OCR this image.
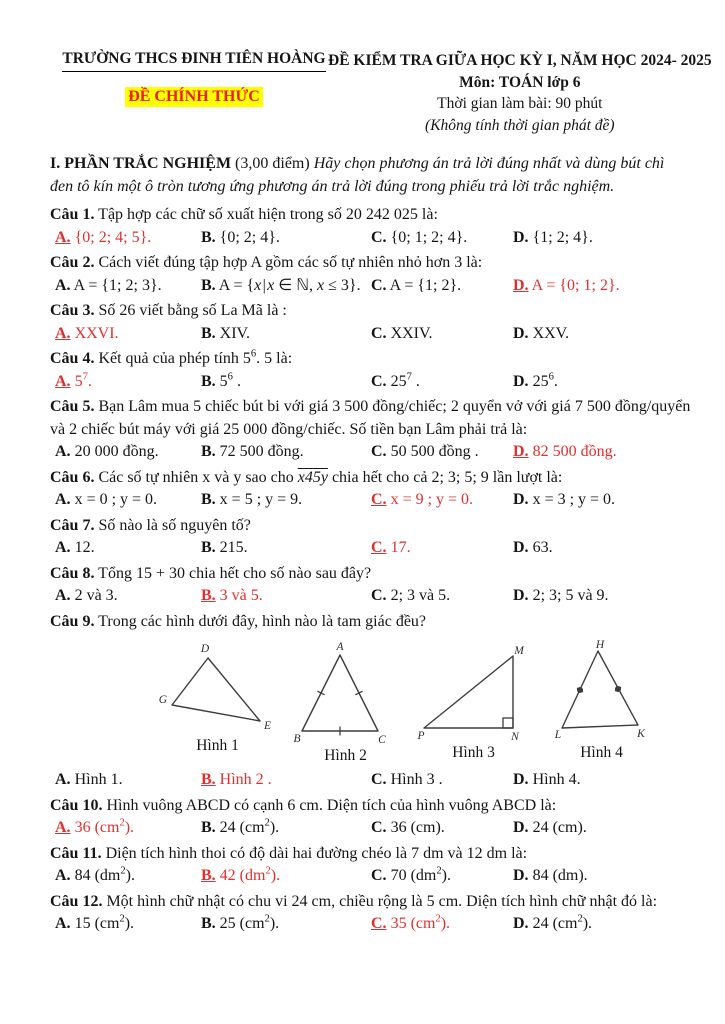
TRƯỜNG THCS ĐINH TIÊN HOÀNG
ĐỀ CHÍNH THỨC
ĐỀ KIỂM TRA GIỮA HỌC KỲ I, NĂM HỌC 2024- 2025
Môn: TOÁN lớp 6
Thời gian làm bài: 90 phút
(Không tính thời gian phát đề)

I. PHẦN TRẮC NGHIỆM (3,00 điểm) Hãy chọn phương án trả lời đúng nhất và dùng bút chì đen tô kín một ô tròn tương ứng phương án trả lời đúng trong phiếu trả lời trắc nghiệm.

Câu 1. Tập hợp các chữ số xuất hiện trong số 20 242 025 là:

A. {0; 2; 4; 5}.	B. {0; 2; 4}.	C. {0; 1; 2; 4}.	D. {1; 2; 4}.

Câu 2. Cách viết đúng tập hợp A gồm các số tự nhiên nhỏ hơn 3 là:

A. A = {1; 2; 3}.	B. A = {x | x ∈ ℕ, x ≤ 3}. C. A = {1; 2}.	D. A = {0; 1; 2}.

Câu 3. Số 26 viết bằng số La Mã là :

A. XXVI.	B. XIV.	C. XXIV.	D. XXV.

Câu 4. Kết quả của phép tính $5^6$. 5 là:

A. $5^7$.	B. $5^6$ .	C. $25^7$ .	D. $25^6$.

Câu 5. Bạn Lâm mua 5 chiếc bút bi với giá 3 500 đồng/chiếc; 2 quyển vở với giá 7 500 đồng/quyển và 2 chiếc bút máy với giá 25 000 đồng/chiếc. Số tiền bạn Lâm phải trả là:

A. 20 000 đồng.	B. 72 500 đồng.	C. 50 500 đồng .	D. 82 500 đồng.

Câu 6. Các số tự nhiên x và y sao cho x45y chia hết cho cả 2; 3; 5; 9 lần lượt là:

A. x = 0 ; y = 0.	B. x = 5 ; y = 9.	C. x = 9 ; y = 0.	D. x = 3 ; y = 0.

Câu 7. Số nào là số nguyên tố?

A. 12.	B. 215.	C. 17.	D. 63.

Câu 8. Tổng 15 + 30 chia hết cho số nào sau đây?

A. 2 và 3.	B. 3 và 5.	C. 2; 3 và 5.	D. 2; 3; 5 và 9.

Câu 9. Trong các hình dưới đây, hình nào là tam giác đều?

D
G
E
Hình 1
A
B	C
Hình 2
M
P	N
Hình 3
H
L	K
Hình 4
A. Hình 1.	B. Hình 2 .	C. Hình 3 .	D. Hình 4.

Câu 10. Hình vuông ABCD có cạnh 6 cm. Diện tích của hình vuông ABCD là:

A. 36 $(cm^2)$.	B. 24 $(cm^2)$.	C. 36 (cm).	D. 24 (cm).

Câu 11. Diện tích hình thoi có độ dài hai đường chéo là 7 dm và 12 dm là:

A. 84 $(dm^2)$.	B. 42 $(dm^2)$.	C. 70 $(dm^2)$.	D. 84 (dm).

Câu 12. Một hình chữ nhật có chu vi 24 cm, chiều rộng là 5 cm. Diện tích hình chữ nhật đó là:

A. 15 $(cm^2)$.	B. 25 $(cm^2)$.	C. 35 $(cm^2)$.	D. 24 $(cm^2)$.
